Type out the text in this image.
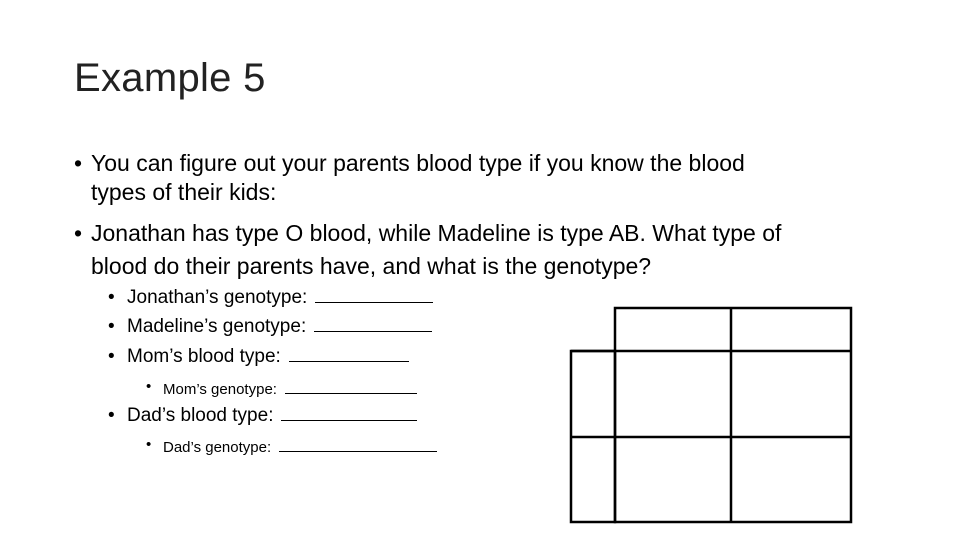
Example 5
• You can figure out your parents blood type if you know the blood
types of their kids:
• Jonathan has type O blood, while Madeline is type AB. What type of
blood do their parents have, and what is the genotype?
• Jonathan’s genotype:
• Madeline’s genotype:
• Mom’s blood type:
• Mom’s genotype:
• Dad’s blood type:
• Dad’s genotype:
